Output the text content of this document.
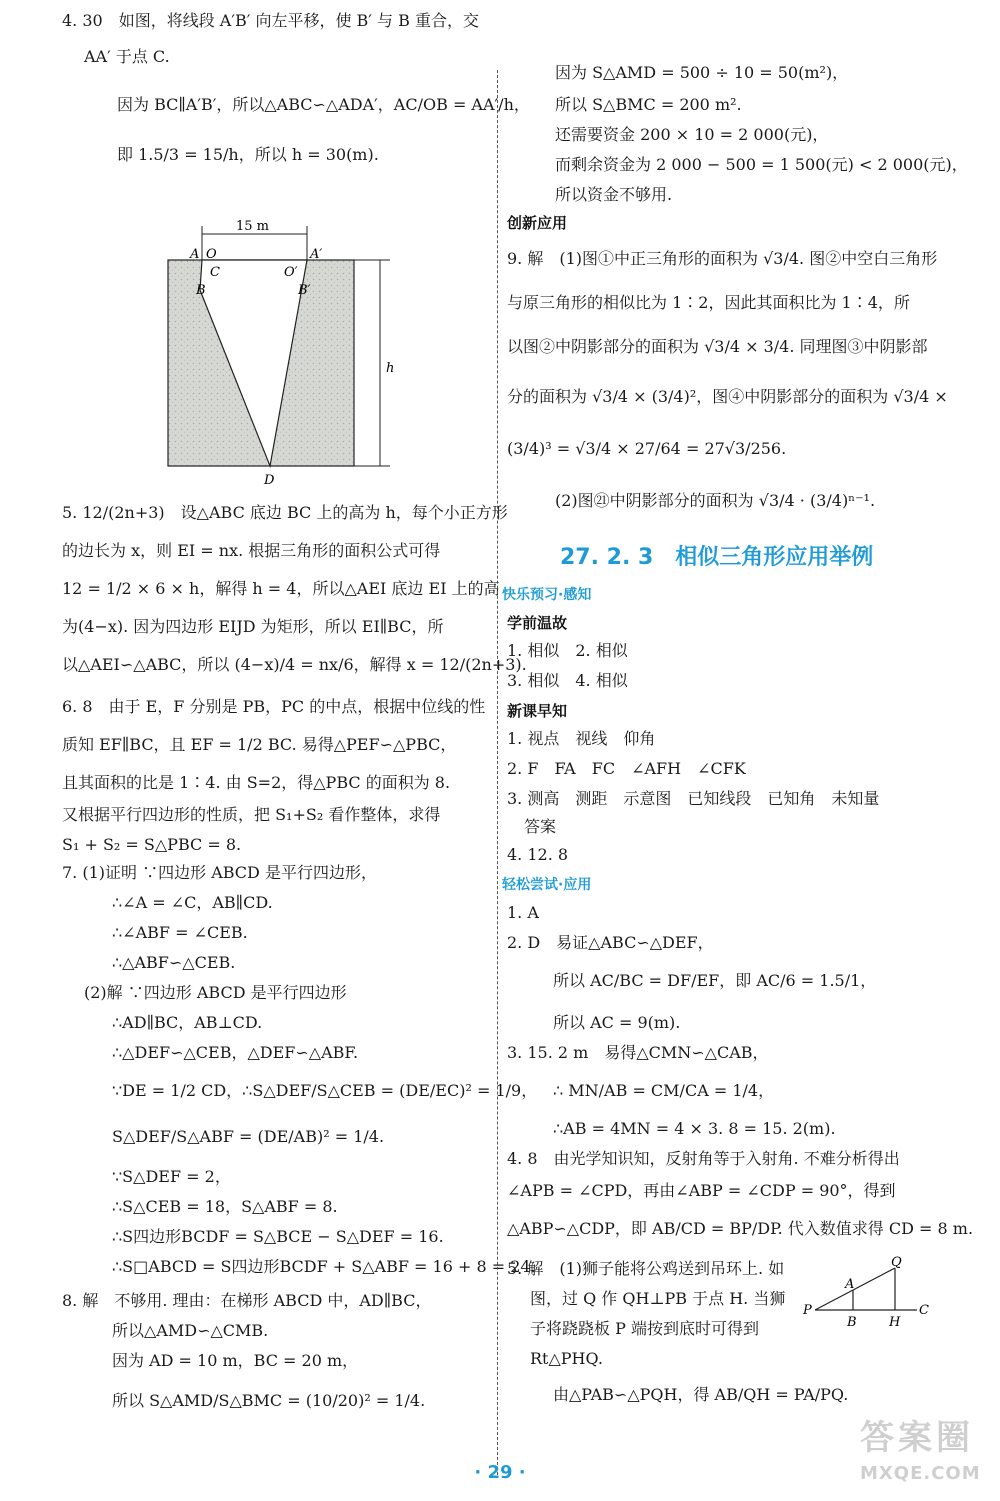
4. 30　如图，将线段 A′B′ 向左平移，使 B′ 与 B 重合，交
AA′ 于点 C.
因为 BC∥A′B′，所以△ABC∽△ADA′，AC/OB = AA′/h，
即 1.5/3 = 15/h，所以 h = 30(m).
15 m
A O
C
B
O′
A′
B′
D
h
5. 12/(2n+3)　设△ABC 底边 BC 上的高为 h，每个小正方形
的边长为 x，则 EI = nx. 根据三角形的面积公式可得
12 = 1/2 × 6 × h，解得 h = 4，所以△AEI 底边 EI 上的高
为(4−x). 因为四边形 EIJD 为矩形，所以 EI∥BC，所
以△AEI∽△ABC，所以 (4−x)/4 = nx/6，解得 x = 12/(2n+3).
6. 8　由于 E，F 分别是 PB，PC 的中点，根据中位线的性
质知 EF∥BC，且 EF = 1/2 BC. 易得△PEF∽△PBC，
且其面积的比是 1∶4. 由 S=2，得△PBC 的面积为 8.
又根据平行四边形的性质，把 S₁+S₂ 看作整体，求得
S₁ + S₂ = S△PBC = 8.
7. (1)证明 ∵四边形 ABCD 是平行四边形，
∴∠A = ∠C，AB∥CD.
∴∠ABF = ∠CEB.
∴△ABF∽△CEB.
(2)解 ∵四边形 ABCD 是平行四边形
∴AD∥BC，AB⊥CD.
∴△DEF∽△CEB，△DEF∽△ABF.
∵DE = 1/2 CD，∴S△DEF/S△CEB = (DE/EC)² = 1/9，
S△DEF/S△ABF = (DE/AB)² = 1/4.
∵S△DEF = 2，
∴S△CEB = 18，S△ABF = 8.
∴S四边形BCDF = S△BCE − S△DEF = 16.
∴S□ABCD = S四边形BCDF + S△ABF = 16 + 8 = 24.
8. 解　不够用. 理由：在梯形 ABCD 中，AD∥BC，
所以△AMD∽△CMB.
因为 AD = 10 m，BC = 20 m，
所以 S△AMD/S△BMC = (10/20)² = 1/4.
因为 S△AMD = 500 ÷ 10 = 50(m²)，
所以 S△BMC = 200 m².
还需要资金 200 × 10 = 2 000(元)，
而剩余资金为 2 000 − 500 = 1 500(元) < 2 000(元)，
所以资金不够用.
创新应用
9. 解　(1)图①中正三角形的面积为 √3/4. 图②中空白三角形
与原三角形的相似比为 1∶2，因此其面积比为 1∶4，所
以图②中阴影部分的面积为 √3/4 × 3/4. 同理图③中阴影部
分的面积为 √3/4 × (3/4)²，图④中阴影部分的面积为 √3/4 ×
(3/4)³ = √3/4 × 27/64 = 27√3/256.
(2)图㉑中阴影部分的面积为 √3/4 · (3/4)ⁿ⁻¹.
27. 2. 3　相似三角形应用举例
快乐预习·感知
学前温故
1. 相似　2. 相似
3. 相似　4. 相似
新课早知
1. 视点　视线　仰角
2. F　FA　FC　∠AFH　∠CFK
3. 测高　测距　示意图　已知线段　已知角　未知量
答案
4. 12. 8
轻松尝试·应用
1. A
2. D　易证△ABC∽△DEF，
所以 AC/BC = DF/EF，即 AC/6 = 1.5/1，
所以 AC = 9(m).
3. 15. 2 m　易得△CMN∽△CAB，
∴ MN/AB = CM/CA = 1/4，
∴AB = 4MN = 4 × 3. 8 = 15. 2(m).
4. 8　由光学知识知，反射角等于入射角. 不难分析得出
∠APB = ∠CPD，再由∠ABP = ∠CDP = 90°，得到
△ABP∽△CDP，即 AB/CD = BP/DP. 代入数值求得 CD = 8 m.
5. 解　(1)狮子能将公鸡送到吊环上. 如
图，过 Q 作 QH⊥PB 于点 H. 当狮
子将跷跷板 P 端按到底时可得到
Rt△PHQ.
由△PAB∽△PQH，得 AB/QH = PA/PQ.
Q
A
P
B H
C
· 29 ·
答案圈
MXQE.COM
